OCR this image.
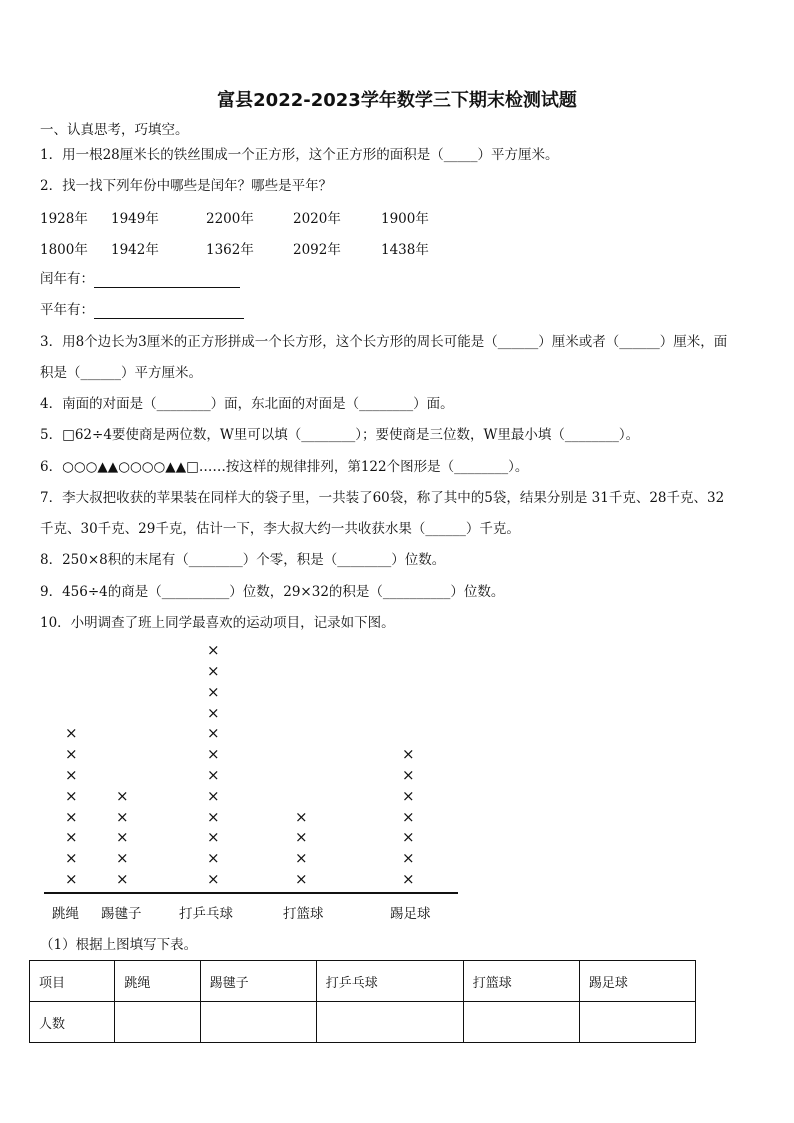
富县2022-2023学年数学三下期末检测试题
一、认真思考，巧填空。
1．用一根28厘米长的铁丝围成一个正方形，这个正方形的面积是（_____）平方厘米。
2．找一找下列年份中哪些是闰年？哪些是平年？
1928年 1949年	2200年	2020年	1900年
1800年 1942年	1362年	2092年	1438年
闰年有：
平年有：
3．用8个边长为3厘米的正方形拼成一个长方形，这个长方形的周长可能是（______）厘米或者（______）厘米，面
积是（______）平方厘米。
4．南面的对面是（________）面，东北面的对面是（________）面。
5．□62÷4要使商是两位数，W里可以填（________）；要使商是三位数，W里最小填（________）。
6．○○○▲▲○○○○▲▲□……按这样的规律排列，第122个图形是（________）。
7．李大叔把收获的苹果装在同样大的袋子里，一共装了60袋，称了其中的5袋，结果分别是 31千克、28千克、32
千克、30千克、29千克，估计一下，李大叔大约一共收获水果（______）千克。
8．250×8积的末尾有（________）个零，积是（________）位数。
9．456÷4的商是（__________）位数，29×32的积是（__________）位数。
10．小明调查了班上同学最喜欢的运动项目，记录如下图。
×
×
×
×
×
×
×
×
跳绳
×
×
×
×
×
踢毽子
×
×
×
×
×
×
×
×
×
×
×
×
打乒乓球
×
×
×
×
打篮球
×
×
×
×
×
×
×
踢足球
（1）根据上图填写下表。
项目	跳绳	踢毽子	打乒乓球	打篮球	踢足球
人数					
